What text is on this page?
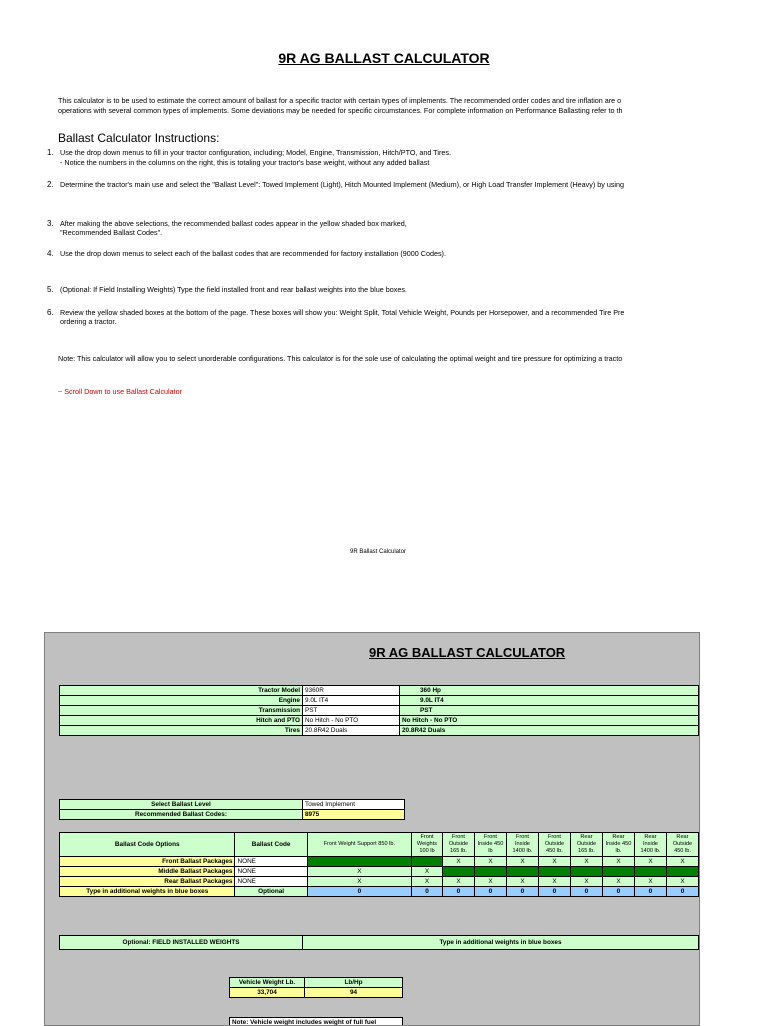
9R AG BALLAST CALCULATOR
This calculator is to be used to estimate the correct amount of ballast for a specific tractor with certain types of implements. The recommended order codes and tire inflation are o
operations with several common types of implements. Some deviations may be needed for specific circumstances. For complete information on Performance Ballasting refer to th
Ballast Calculator Instructions:
1. Use the drop down menus to fill in your tractor configuration, including; Model, Engine, Transmission, Hitch/PTO, and Tires.
- Notice the numbers in the columns on the right, this is totaling your tractor's base weight, without any added ballast
2. Determine the tractor's main use and select the "Ballast Level": Towed Implement (Light), Hitch Mounted Implement (Medium), or High Load Transfer Implement (Heavy) by using
3. After making the above selections, the recommended ballast codes appear in the yellow shaded box marked,
"Recommended Ballast Codes".
4. Use the drop down menus to select each of the ballast codes that are recommended for factory installation (9000 Codes).
5. (Optional: If Field Installing Weights) Type the field installed front and rear ballast weights into the blue boxes.
6. Review the yellow shaded boxes at the bottom of the page. These boxes will show you: Weight Split, Total Vehicle Weight, Pounds per Horsepower, and a recommended Tire Pre
ordering a tractor.
Note: This calculator will allow you to select unorderable configurations. This calculator is for the sole use of calculating the optimal weight and tire pressure for optimizing a tracto
~ Scroll Down to use Ballast Calculator
9R Ballast Calculator
9R AG BALLAST CALCULATOR
Tractor Model	9360R	360 Hp
Engine	9.0L IT4	9.0L IT4
Transmission	PST	PST
Hitch and PTO	No Hitch - No PTO	No Hitch - No PTO
Tires	20.8R42 Duals	20.8R42 Duals
Select Ballast Level	Towed Implement
Recommended Ballast Codes:	8975
Ballast Code Options	Ballast Code	Front Weight Support 850 lb.	Front Weights 100 lb	Front Outside 165 lb.	Front Inside 450 lb	Front Inside 1400 lb.	Front Outside 450 lb.	Rear Outside 165 lb.	Rear Inside 450 lb.	Rear Inside 1400 lb.	Rear Outside 450 lb.
Front Ballast Packages	NONE			X	X	X	X	X	X	X	X
Middle Ballast Packages	NONE	X	X								
Rear Ballast Packages	NONE	X	X	X	X	X	X	X	X	X	X
Type in additional weights in blue boxes	Optional	0	0	0	0	0	0	0	0	0	0
Optional: FIELD INSTALLED WEIGHTS	Type in additional weights in blue boxes
Vehicle Weight Lb.	Lb/Hp
33,704	94
Note: Vehicle weight includes weight of full fuel
